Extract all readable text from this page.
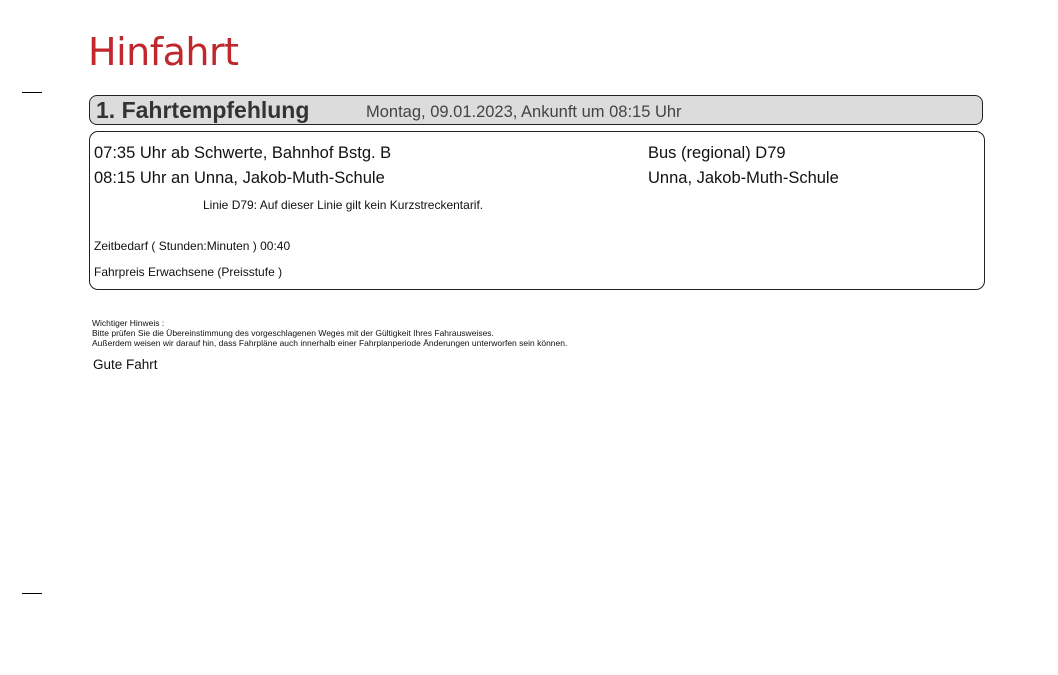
Hinfahrt
1. Fahrtempfehlung	Montag, 09.01.2023, Ankunft um 08:15 Uhr
07:35 Uhr ab Schwerte, Bahnhof Bstg. B
08:15 Uhr an Unna, Jakob-Muth-Schule
Bus (regional) D79
Unna, Jakob-Muth-Schule
Linie D79: Auf dieser Linie gilt kein Kurzstreckentarif.
Zeitbedarf ( Stunden:Minuten ) 00:40
Fahrpreis Erwachsene (Preisstufe )
Wichtiger Hinweis :
Bitte prüfen Sie die Übereinstimmung des vorgeschlagenen Weges mit der Gültigkeit Ihres Fahrausweises.
Außerdem weisen wir darauf hin, dass Fahrpläne auch innerhalb einer Fahrplanperiode Änderungen unterworfen sein können.
Gute Fahrt
